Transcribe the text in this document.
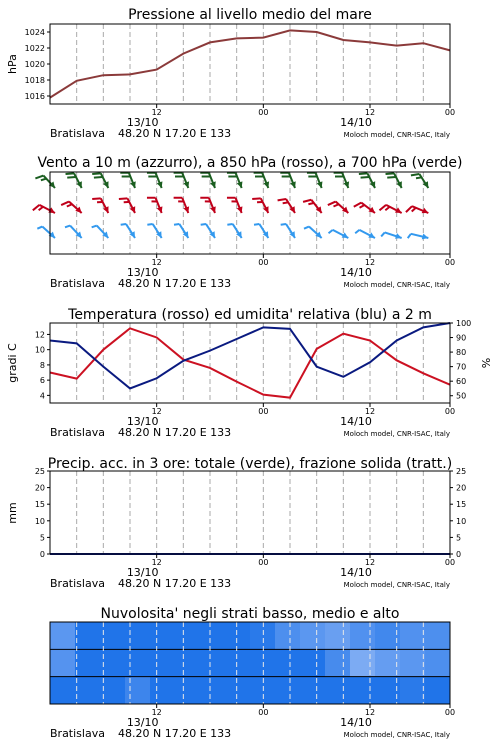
Pressione al livello medio del mare
1016
1018
1020
1022
1024
hPa
12	00	12	00
13/10	14/10
Bratislava 48.20 N 17.20 E 133	Moloch model, CNR-ISAC, Italy
Vento a 10 m (azzurro), a 850 hPa (rosso), a 700 hPa (verde)
12	00	12	00
13/10	14/10
Bratislava 48.20 N 17.20 E 133	Moloch model, CNR-ISAC, Italy
Temperatura (rosso) ed umidita' relativa (blu) a 2 m
4
6
8
10
12
50
60
70
80
90
100
gradi C	%
12	00	12	00
13/10	14/10
Bratislava 48.20 N 17.20 E 133	Moloch model, CNR-ISAC, Italy
Precip. acc. in 3 ore: totale (verde), frazione solida (tratt.)
0
5
10
15
20
25
0
5
10
15
20
25
mm
12	00	12	00
13/10	14/10
Bratislava 48.20 N 17.20 E 133	Moloch model, CNR-ISAC, Italy
Nuvolosita' negli strati basso, medio e alto
12	00	12	00
13/10	14/10
Bratislava 48.20 N 17.20 E 133	Moloch model, CNR-ISAC, Italy
